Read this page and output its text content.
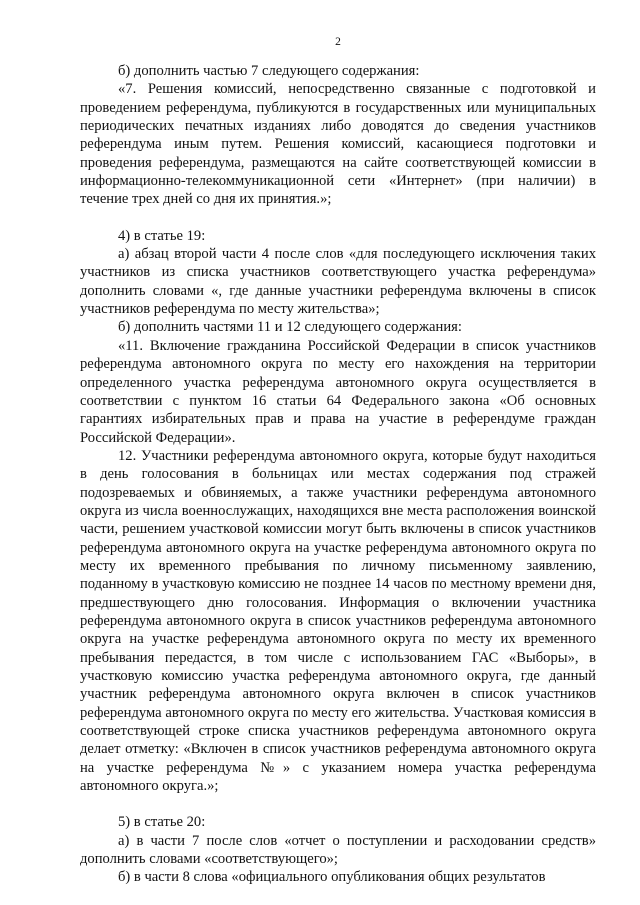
2

б) дополнить частью 7 следующего содержания:

«7. Решения комиссий, непосредственно связанные с подготовкой и проведением референдума, публикуются в государственных или муниципальных периодических печатных изданиях либо доводятся до сведения участников референдума иным путем. Решения комиссий, касающиеся подготовки и проведения референдума, размещаются на сайте соответствующей комиссии в информационно-телекоммуникационной сети «Интернет» (при наличии) в течение трех дней со дня их принятия.»;

4) в статье 19:

а) абзац второй части 4 после слов «для последующего исключения таких участников из списка участников соответствующего участка референдума» дополнить словами «, где данные участники референдума включены в список участников референдума по месту жительства»;

б) дополнить частями 11 и 12 следующего содержания:

«11. Включение гражданина Российской Федерации в список участников референдума автономного округа по месту его нахождения на территории определенного участка референдума автономного округа осуществляется в соответствии с пунктом 16 статьи 64 Федерального закона «Об основных гарантиях избирательных прав и права на участие в референдуме граждан Российской Федерации».

12. Участники референдума автономного округа, которые будут находиться в день голосования в больницах или местах содержания под стражей подозреваемых и обвиняемых, а также участники референдума автономного округа из числа военнослужащих, находящихся вне места расположения воинской части, решением участковой комиссии могут быть включены в список участников референдума автономного округа на участке референдума автономного округа по месту их временного пребывания по личному письменному заявлению, поданному в участковую комиссию не позднее 14 часов по местному времени дня, предшествующего дню голосования. Информация о включении участника референдума автономного округа в список участников референдума автономного округа на участке референдума автономного округа по месту их временного пребывания передастся, в том числе с использованием ГАС «Выборы», в участковую комиссию участка референдума автономного округа, где данный участник референдума автономного округа включен в список участников референдума автономного округа по месту его жительства. Участковая комиссия в соответствующей строке списка участников референдума автономного округа делает отметку: «Включен в список участников референдума автономного округа на участке референдума №» с указанием номера участка референдума автономного округа.»;

5) в статье 20:

а) в части 7 после слов «отчет о поступлении и расходовании средств» дополнить словами «соответствующего»;

б) в части 8 слова «официального опубликования общих результатов
